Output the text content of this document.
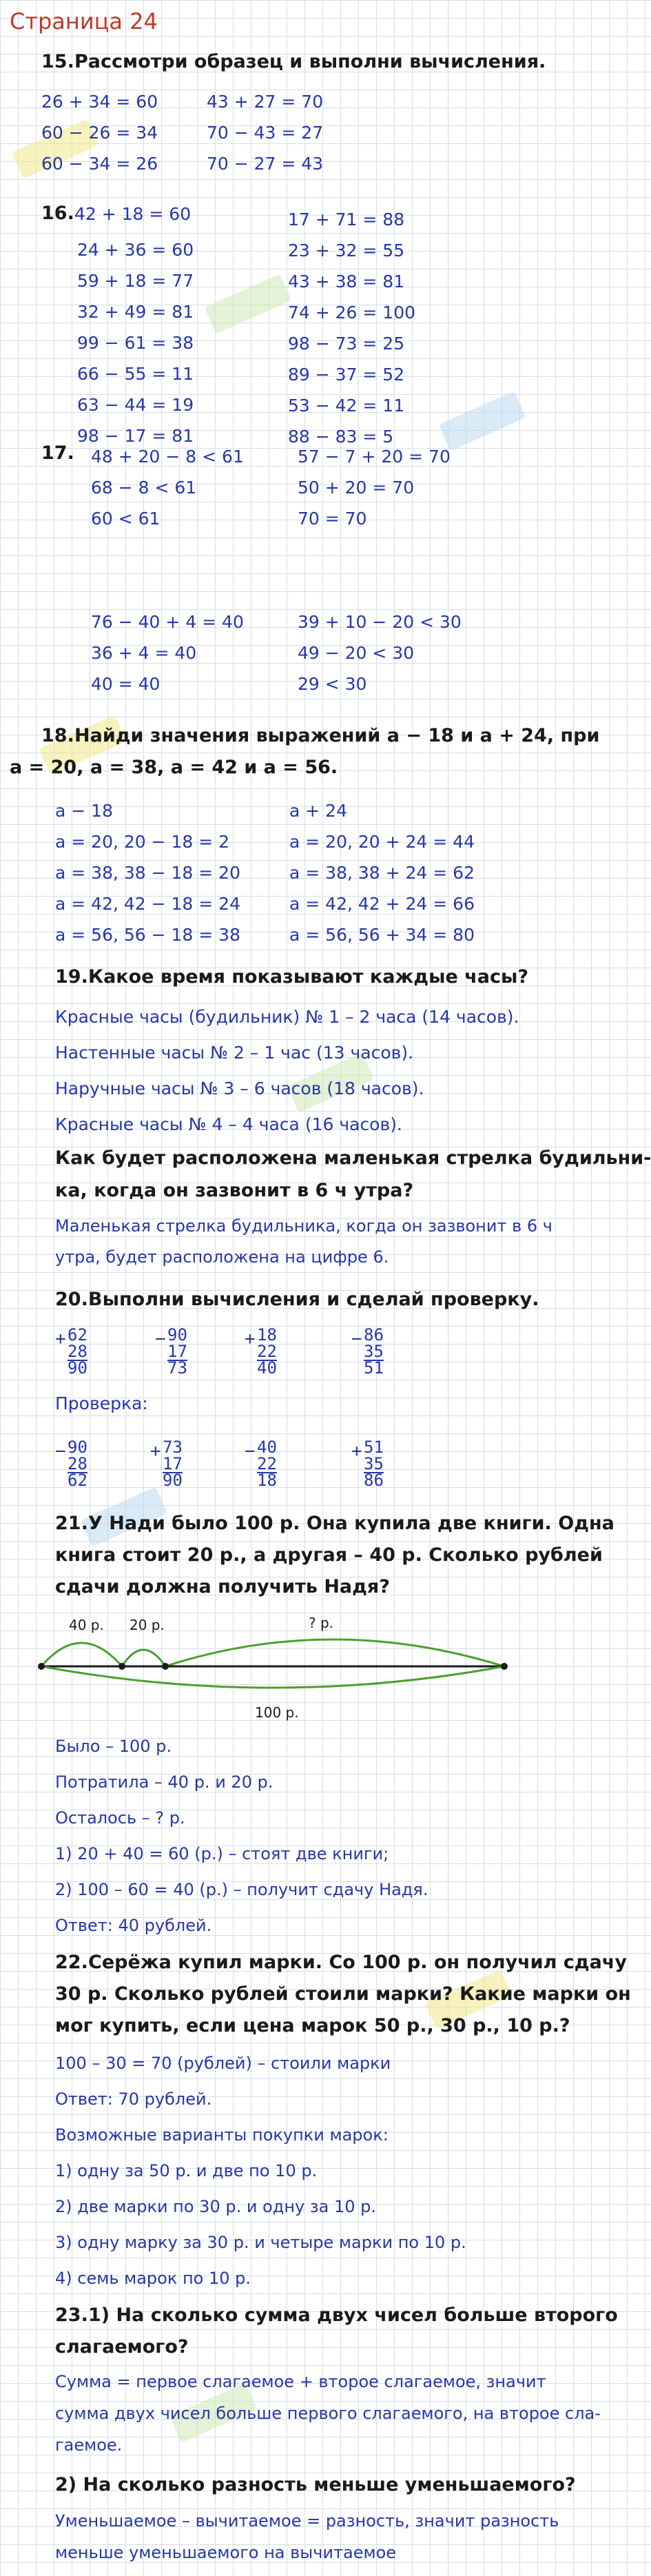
Страница 24
15. Рассмотри образец и выполни вычисления.
26 + 34 = 60
60 − 26 = 34
60 − 34 = 26
43 + 27 = 70
70 − 43 = 27
70 − 27 = 43
16. 42 + 18 = 60
24 + 36 = 60
59 + 18 = 77
32 + 49 = 81
99 − 61 = 38
66 − 55 = 11
63 − 44 = 19
98 − 17 = 81
17 + 71 = 88
23 + 32 = 55
43 + 38 = 81
74 + 26 = 100
98 − 73 = 25
89 − 37 = 52
53 − 42 = 11
88 − 83 = 5
17. 48 + 20 − 8 < 61
68 − 8 < 61
60 < 61
57 − 7 + 20 = 70
50 + 20 = 70
70 = 70
76 − 40 + 4 = 40
36 + 4 = 40
40 = 40
39 + 10 − 20 < 30
49 − 20 < 30
29 < 30
18. Найди значения выражений a − 18 и a + 24, при
a = 20, a = 38, a = 42 и a = 56.
a − 18
a = 20, 20 − 18 = 2
a = 38, 38 − 18 = 20
a = 42, 42 − 18 = 24
a = 56, 56 − 18 = 38
a + 24
a = 20, 20 + 24 = 44
a = 38, 38 + 24 = 62
a = 42, 42 + 24 = 66
a = 56, 56 + 34 = 80
19. Какое время показывают каждые часы?
Красные часы (будильник) № 1 – 2 часа (14 часов).
Настенные часы № 2 – 1 час (13 часов).
Наручные часы № 3 – 6 часов (18 часов).
Красные часы № 4 – 4 часа (16 часов).
Как будет расположена маленькая стрелка будильни-
ка, когда он зазвонит в 6 ч утра?
Маленькая стрелка будильника, когда он зазвонит в 6 ч
утра, будет расположена на цифре 6.
20. Выполни вычисления и сделай проверку.
+ 62
28
90
− 90
17
73
+ 18
22
40
− 86
35
51
Проверка:
− 90
28
62
+ 73
17
90
− 40
22
18
+ 51
35
86
21. У Нади было 100 р. Она купила две книги. Одна
книга стоит 20 р., а другая – 40 р. Сколько рублей
сдачи должна получить Надя?
40 р. 20 р.	? р.
100 р.
Было – 100 р.
Потратила – 40 р. и 20 р.
Осталось – ? р.
1) 20 + 40 = 60 (р.) – стоят две книги;
2) 100 – 60 = 40 (р.) – получит сдачу Надя.
Ответ: 40 рублей.
22. Серёжа купил марки. Со 100 р. он получил сдачу
30 р. Сколько рублей стоили марки? Какие марки он
мог купить, если цена марок 50 р., 30 р., 10 р.?
100 – 30 = 70 (рублей) – стоили марки
Ответ: 70 рублей.
Возможные варианты покупки марок:
1) одну за 50 р. и две по 10 р.
2) две марки по 30 р. и одну за 10 р.
3) одну марку за 30 р. и четыре марки по 10 р.
4) семь марок по 10 р.
23. 1) На сколько сумма двух чисел больше второго
слагаемого?
Сумма = первое слагаемое + второе слагаемое, значит
сумма двух чисел больше первого слагаемого, на второе сла-
гаемое.
2) На сколько разность меньше уменьшаемого?
Уменьшаемое – вычитаемое = разность, значит разность
меньше уменьшаемого на вычитаемое
